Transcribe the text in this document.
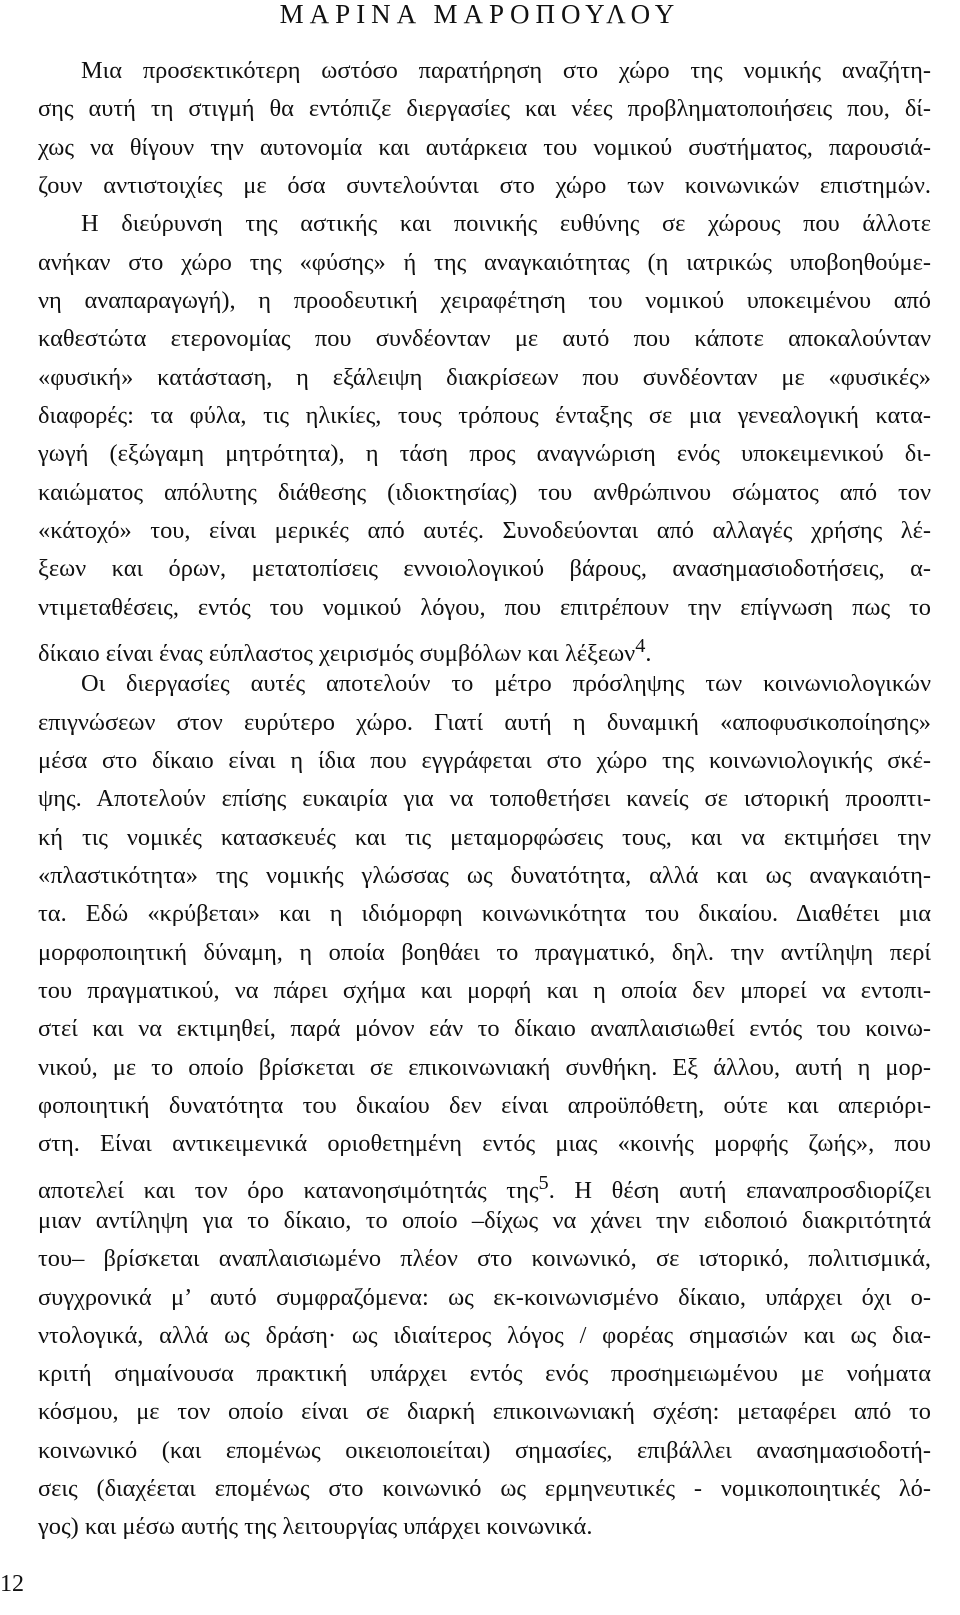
ΜΑΡΙΝΑ ΜΑΡΟΠΟΥΛΟΥ
Μια προσεκτικότερη ωστόσο παρατήρηση στο χώρο της νομικής αναζήτη-
σης αυτή τη στιγμή θα εντόπιζε διεργασίες και νέες προβληματοποιήσεις που, δί-
χως να θίγουν την αυτονομία και αυτάρκεια του νομικού συστήματος, παρουσιά-
ζουν αντιστοιχίες με όσα συντελούνται στο χώρο των κοινωνικών επιστημών.
Η διεύρυνση της αστικής και ποινικής ευθύνης σε χώρους που άλλοτε
ανήκαν στο χώρο της «φύσης» ή της αναγκαιότητας (η ιατρικώς υποβοηθούμε-
νη αναπαραγωγή), η προοδευτική χειραφέτηση του νομικού υποκειμένου από
καθεστώτα ετερονομίας που συνδέονταν με αυτό που κάποτε αποκαλούνταν
«φυσική» κατάσταση, η εξάλειψη διακρίσεων που συνδέονταν με «φυσικές»
διαφορές: τα φύλα, τις ηλικίες, τους τρόπους ένταξης σε μια γενεαλογική κατα-
γωγή (εξώγαμη μητρότητα), η τάση προς αναγνώριση ενός υποκειμενικού δι-
καιώματος απόλυτης διάθεσης (ιδιοκτησίας) του ανθρώπινου σώματος από τον
«κάτοχό» του, είναι μερικές από αυτές. Συνοδεύονται από αλλαγές χρήσης λέ-
ξεων και όρων, μετατοπίσεις εννοιολογικού βάρους, ανασημασιοδοτήσεις, α-
ντιμεταθέσεις, εντός του νομικού λόγου, που επιτρέπουν την επίγνωση πως το
δίκαιο είναι ένας εύπλαστος χειρισμός συμβόλων και λέξεων$^4$.
Οι διεργασίες αυτές αποτελούν το μέτρο πρόσληψης των κοινωνιολογικών
επιγνώσεων στον ευρύτερο χώρο. Γιατί αυτή η δυναμική «αποφυσικοποίησης»
μέσα στο δίκαιο είναι η ίδια που εγγράφεται στο χώρο της κοινωνιολογικής σκέ-
ψης. Αποτελούν επίσης ευκαιρία για να τοποθετήσει κανείς σε ιστορική προοπτι-
κή τις νομικές κατασκευές και τις μεταμορφώσεις τους, και να εκτιμήσει την
«πλαστικότητα» της νομικής γλώσσας ως δυνατότητα, αλλά και ως αναγκαιότη-
τα. Εδώ «κρύβεται» και η ιδιόμορφη κοινωνικότητα του δικαίου. Διαθέτει μια
μορφοποιητική δύναμη, η οποία βοηθάει το πραγματικό, δηλ. την αντίληψη περί
του πραγματικού, να πάρει σχήμα και μορφή και η οποία δεν μπορεί να εντοπι-
στεί και να εκτιμηθεί, παρά μόνον εάν το δίκαιο αναπλαισιωθεί εντός του κοινω-
νικού, με το οποίο βρίσκεται σε επικοινωνιακή συνθήκη. Εξ άλλου, αυτή η μορ-
φοποιητική δυνατότητα του δικαίου δεν είναι απροϋπόθετη, ούτε και απεριόρι-
στη. Είναι αντικειμενικά οριοθετημένη εντός μιας «κοινής μορφής ζωής», που
αποτελεί και τον όρο κατανοησιμότητάς της$^5$. Η θέση αυτή επαναπροσδιορίζει
μιαν αντίληψη για το δίκαιο, το οποίο –δίχως να χάνει την ειδοποιό διακριτότητά
του– βρίσκεται αναπλαισιωμένο πλέον στο κοινωνικό, σε ιστορικό, πολιτισμικά,
συγχρονικά μ’ αυτό συμφραζόμενα: ως εκ-κοινωνισμένο δίκαιο, υπάρχει όχι ο-
ντολογικά, αλλά ως δράση· ως ιδιαίτερος λόγος / φορέας σημασιών και ως δια-
κριτή σημαίνουσα πρακτική υπάρχει εντός ενός προσημειωμένου με νοήματα
κόσμου, με τον οποίο είναι σε διαρκή επικοινωνιακή σχέση: μεταφέρει από το
κοινωνικό (και επομένως οικειοποιείται) σημασίες, επιβάλλει ανασημασιοδοτή-
σεις (διαχέεται επομένως στο κοινωνικό ως ερμηνευτικές - νομικοποιητικές λό-
γος) και μέσω αυτής της λειτουργίας υπάρχει κοινωνικά.
12
